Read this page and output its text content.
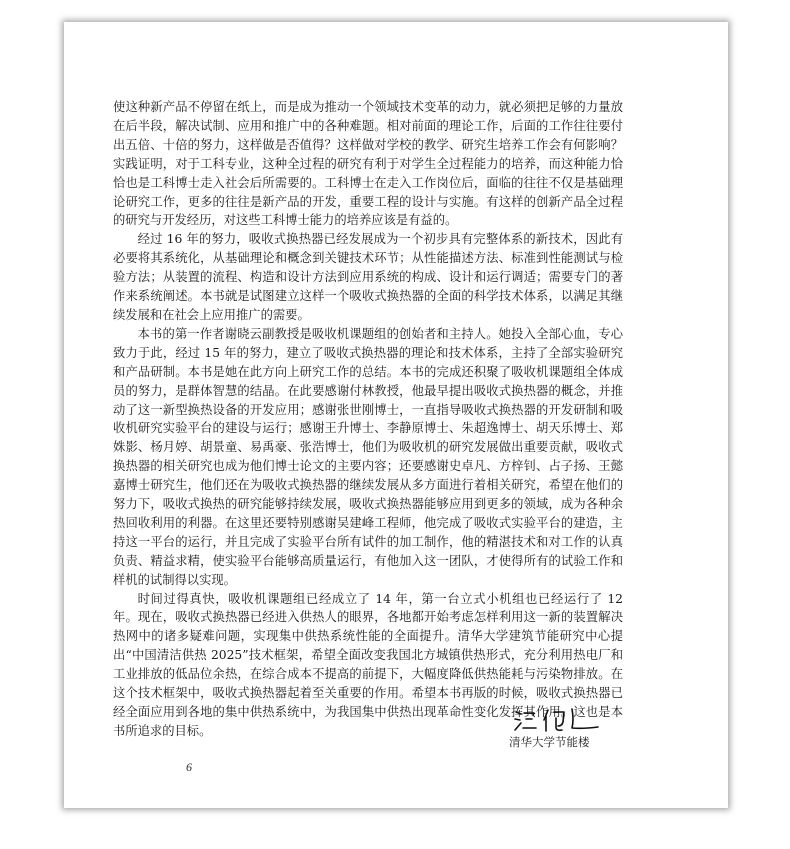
使这种新产品不停留在纸上，而是成为推动一个领域技术变革的动力，就必须把足够的力量放在后半段，解决试制、应用和推广中的各种难题。相对前面的理论工作，后面的工作往往要付出五倍、十倍的努力，这样做是否值得？这样做对学校的教学、研究生培养工作会有何影响？实践证明，对于工科专业，这种全过程的研究有利于对学生全过程能力的培养，而这种能力恰恰也是工科博士走入社会后所需要的。工科博士在走入工作岗位后，面临的往往不仅是基础理论研究工作，更多的往往是新产品的开发，重要工程的设计与实施。有这样的创新产品全过程的研究与开发经历，对这些工科博士能力的培养应该是有益的。

经过 16 年的努力，吸收式换热器已经发展成为一个初步具有完整体系的新技术，因此有必要将其系统化，从基础理论和概念到关键技术环节；从性能描述方法、标准到性能测试与检验方法；从装置的流程、构造和设计方法到应用系统的构成、设计和运行调适；需要专门的著作来系统阐述。本书就是试图建立这样一个吸收式换热器的全面的科学技术体系，以满足其继续发展和在社会上应用推广的需要。

本书的第一作者谢晓云副教授是吸收机课题组的创始者和主持人。她投入全部心血，专心致力于此，经过 15 年的努力，建立了吸收式换热器的理论和技术体系，主持了全部实验研究和产品研制。本书是她在此方向上研究工作的总结。本书的完成还积聚了吸收机课题组全体成员的努力，是群体智慧的结晶。在此要感谢付林教授，他最早提出吸收式换热器的概念，并推动了这一新型换热设备的开发应用；感谢张世刚博士，一直指导吸收式换热器的开发研制和吸收机研究实验平台的建设与运行；感谢王升博士、李静原博士、朱超逸博士、胡天乐博士、郑姝影、杨月婷、胡景童、易禹豪、张浩博士，他们为吸收机的研究发展做出重要贡献，吸收式换热器的相关研究也成为他们博士论文的主要内容；还要感谢史卓凡、方梓钊、占子扬、王懿嘉博士研究生，他们还在为吸收式换热器的继续发展从多方面进行着相关研究，希望在他们的努力下，吸收式换热的研究能够持续发展，吸收式换热器能够应用到更多的领域，成为各种余热回收利用的利器。在这里还要特别感谢吴建峰工程师，他完成了吸收式实验平台的建造，主持这一平台的运行，并且完成了实验平台所有试件的加工制作，他的精湛技术和对工作的认真负责、精益求精，使实验平台能够高质量运行，有他加入这一团队，才使得所有的试验工作和样机的试制得以实现。

时间过得真快，吸收机课题组已经成立了 14 年，第一台立式小机组也已经运行了 12 年。现在，吸收式换热器已经进入供热人的眼界，各地都开始考虑怎样利用这一新的装置解决热网中的诸多疑难问题，实现集中供热系统性能的全面提升。清华大学建筑节能研究中心提出“中国清洁供热 2025”技术框架，希望全面改变我国北方城镇供热形式，充分利用热电厂和工业排放的低品位余热，在综合成本不提高的前提下，大幅度降低供热能耗与污染物排放。在这个技术框架中，吸收式换热器起着至关重要的作用。希望本书再版的时候，吸收式换热器已经全面应用到各地的集中供热系统中，为我国集中供热出现革命性变化发挥其作用。这也是本书所追求的目标。

清华大学节能楼
6
